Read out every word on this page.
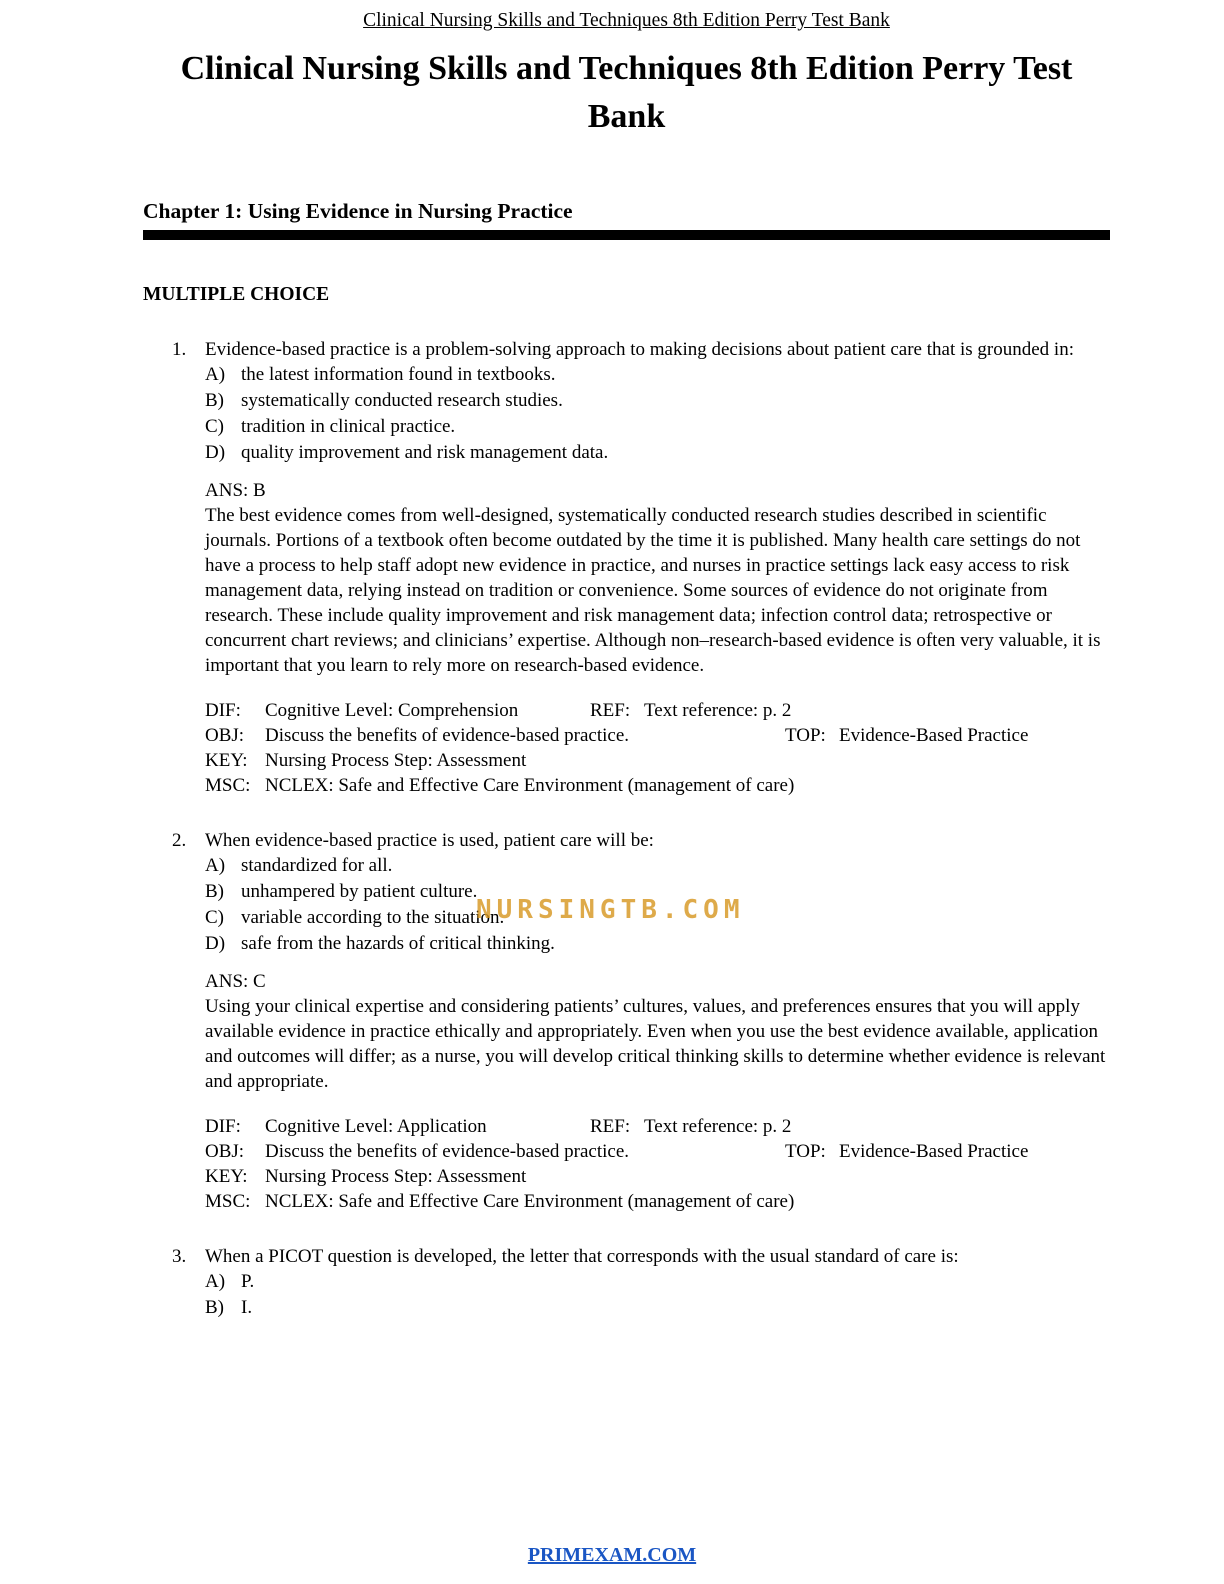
Clinical Nursing Skills and Techniques 8th Edition Perry Test Bank
Clinical Nursing Skills and Techniques 8th Edition Perry Test Bank
Chapter 1: Using Evidence in Nursing Practice
MULTIPLE CHOICE
1. Evidence-based practice is a problem-solving approach to making decisions about patient care that is grounded in:
A) the latest information found in textbooks.
B) systematically conducted research studies.
C) tradition in clinical practice.
D) quality improvement and risk management data.
ANS: B
The best evidence comes from well-designed, systematically conducted research studies described in scientific journals. Portions of a textbook often become outdated by the time it is published. Many health care settings do not have a process to help staff adopt new evidence in practice, and nurses in practice settings lack easy access to risk management data, relying instead on tradition or convenience. Some sources of evidence do not originate from research. These include quality improvement and risk management data; infection control data; retrospective or concurrent chart reviews; and clinicians’ expertise. Although non–research-based evidence is often very valuable, it is important that you learn to rely more on research-based evidence.
DIF: Cognitive Level: Comprehension	REF: Text reference: p. 2
OBJ: Discuss the benefits of evidence-based practice.	TOP: Evidence-Based Practice
KEY: Nursing Process Step: Assessment
MSC: NCLEX: Safe and Effective Care Environment (management of care)
2. When evidence-based practice is used, patient care will be:
A) standardized for all.
B) unhampered by patient culture.
C) variable according to the situation.
D) safe from the hazards of critical thinking.
ANS: C
Using your clinical expertise and considering patients’ cultures, values, and preferences ensures that you will apply available evidence in practice ethically and appropriately. Even when you use the best evidence available, application and outcomes will differ; as a nurse, you will develop critical thinking skills to determine whether evidence is relevant and appropriate.
DIF: Cognitive Level: Application	REF: Text reference: p. 2
OBJ: Discuss the benefits of evidence-based practice.	TOP: Evidence-Based Practice
KEY: Nursing Process Step: Assessment
MSC: NCLEX: Safe and Effective Care Environment (management of care)
3. When a PICOT question is developed, the letter that corresponds with the usual standard of care is:
A) P.
B) I.
NURSINGTB.COM
PRIMEXAM.COM
